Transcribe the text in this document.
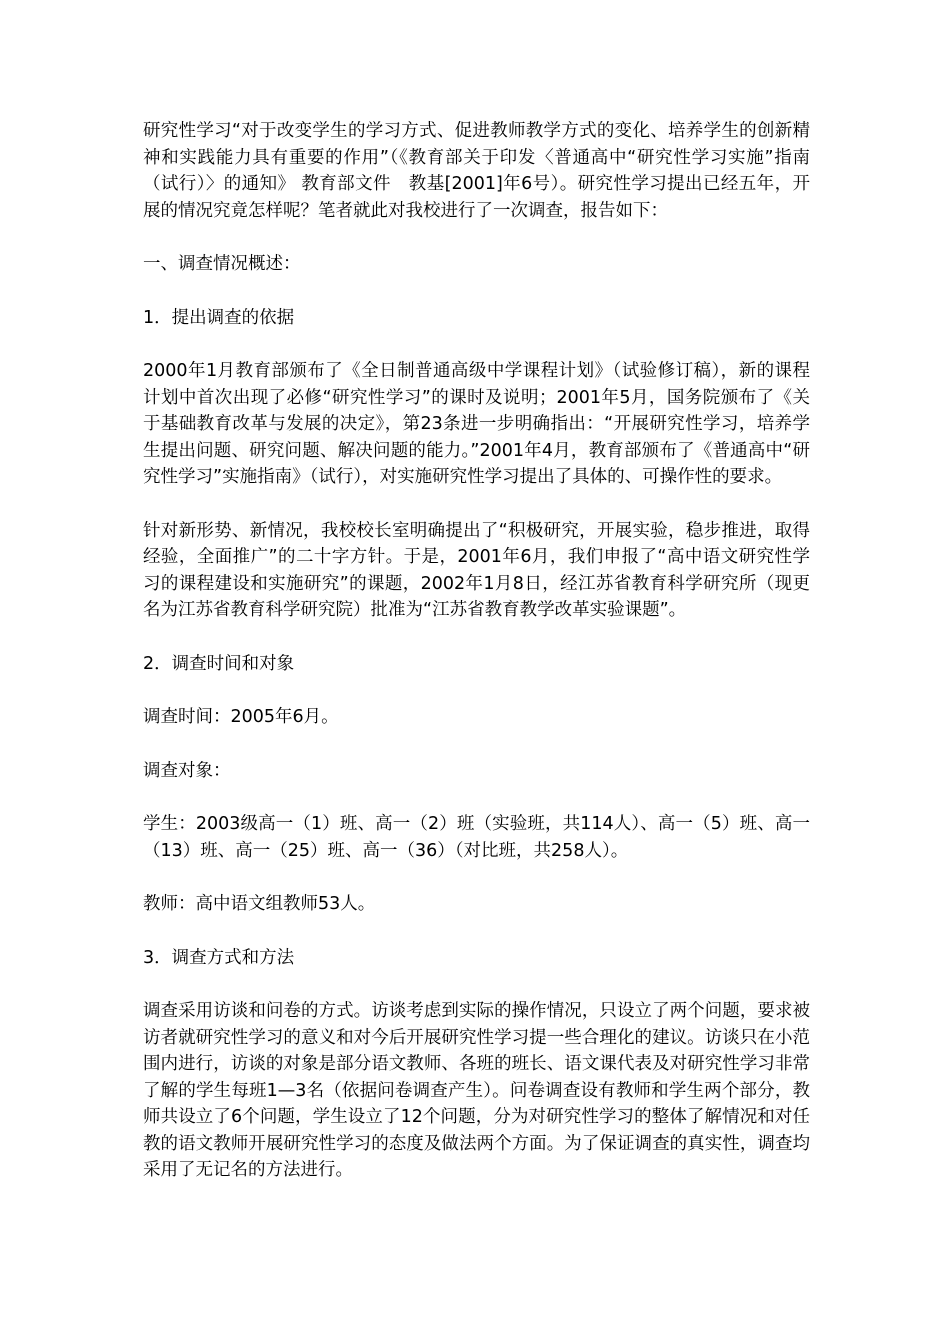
研究性学习“对于改变学生的学习方式、促进教师教学方式的变化、培养学生的创新精神和实践能力具有重要的作用”（《教育部关于印发〈普通高中“研究性学习实施”指南（试行）〉的通知》 教育部文件　教基[2001]年6号）。研究性学习提出已经五年，开展的情况究竟怎样呢？笔者就此对我校进行了一次调查，报告如下：

一、调查情况概述：

1．提出调查的依据

2000年1月教育部颁布了《全日制普通高级中学课程计划》（试验修订稿），新的课程计划中首次出现了必修“研究性学习”的课时及说明；2001年5月，国务院颁布了《关于基础教育改革与发展的决定》，第23条进一步明确指出：“开展研究性学习，培养学生提出问题、研究问题、解决问题的能力。”2001年4月，教育部颁布了《普通高中“研究性学习”实施指南》（试行），对实施研究性学习提出了具体的、可操作性的要求。

针对新形势、新情况，我校校长室明确提出了“积极研究，开展实验，稳步推进，取得经验，全面推广”的二十字方针。于是，2001年6月，我们申报了“高中语文研究性学习的课程建设和实施研究”的课题，2002年1月8日，经江苏省教育科学研究所（现更名为江苏省教育科学研究院）批准为“江苏省教育教学改革实验课题”。

2．调查时间和对象

调查时间：2005年6月。

调查对象：

学生：2003级高一（1）班、高一（2）班（实验班，共114人）、高一（5）班、高一（13）班、高一（25）班、高一（36）（对比班，共258人）。

教师：高中语文组教师53人。

3．调查方式和方法

调查采用访谈和问卷的方式。访谈考虑到实际的操作情况，只设立了两个问题，要求被访者就研究性学习的意义和对今后开展研究性学习提一些合理化的建议。访谈只在小范围内进行，访谈的对象是部分语文教师、各班的班长、语文课代表及对研究性学习非常了解的学生每班1—3名（依据问卷调查产生）。问卷调查设有教师和学生两个部分，教师共设立了6个问题，学生设立了12个问题，分为对研究性学习的整体了解情况和对任教的语文教师开展研究性学习的态度及做法两个方面。为了保证调查的真实性，调查均采用了无记名的方法进行。
